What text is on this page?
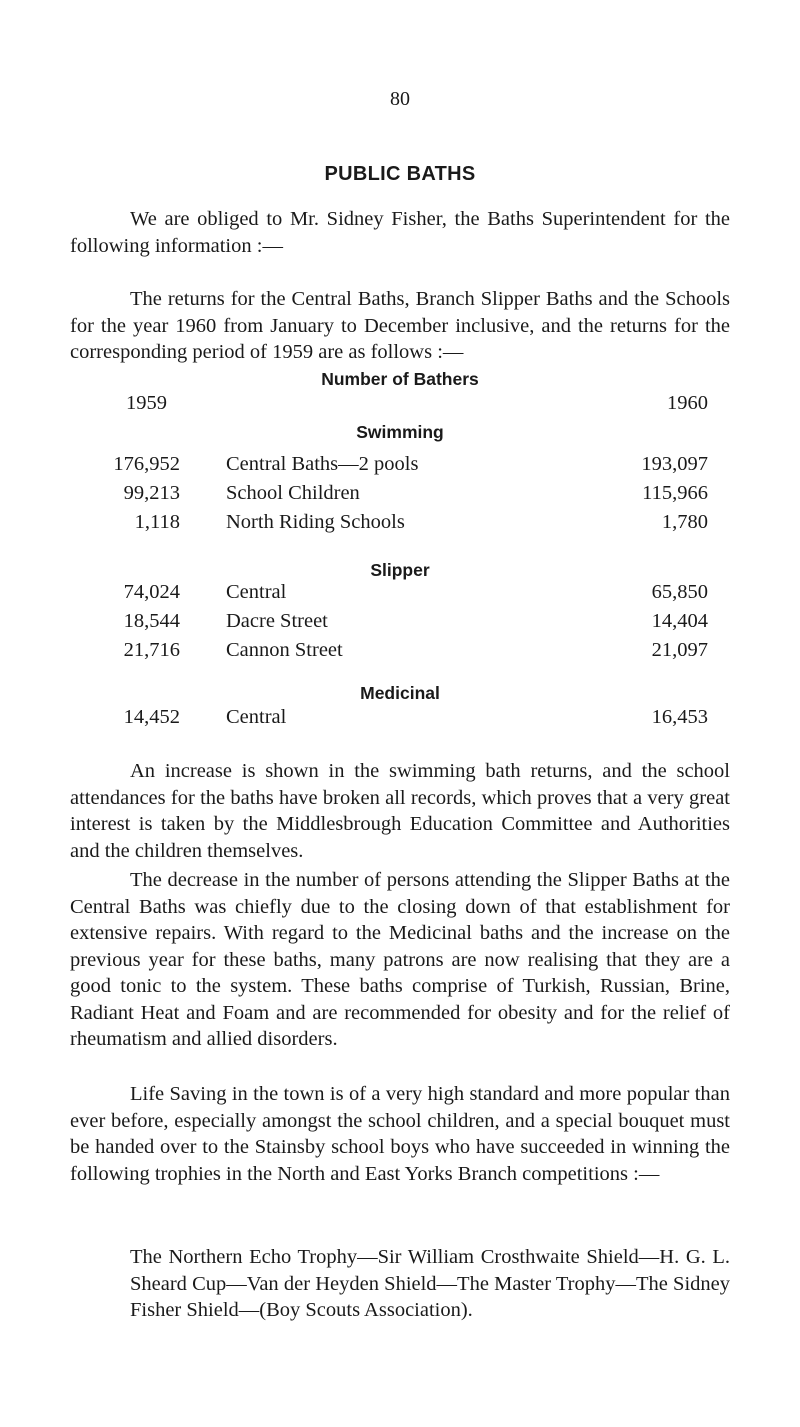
80
PUBLIC BATHS

We are obliged to Mr. Sidney Fisher, the Baths Superintendent for the following information :—

The returns for the Central Baths, Branch Slipper Baths and the Schools for the year 1960 from January to December inclusive, and the returns for the corresponding period of 1959 are as follows :—

Number of Bathers
1959	1960
Swimming
176,952 Central Baths—2 pools	193,097
99,213 School Children	115,966
1,118 North Riding Schools	1,780
Slipper
74,024 Central	65,850
18,544 Dacre Street	14,404
21,716 Cannon Street	21,097
Medicinal
14,452 Central	16,453

An increase is shown in the swimming bath returns, and the school attendances for the baths have broken all records, which proves that a very great interest is taken by the Middlesbrough Education Committee and Authorities and the children themselves.

The decrease in the number of persons attending the Slipper Baths at the Central Baths was chiefly due to the closing down of that establishment for extensive repairs. With regard to the Medicinal baths and the increase on the previous year for these baths, many patrons are now realising that they are a good tonic to the system. These baths comprise of Turkish, Russian, Brine, Radiant Heat and Foam and are recommended for obesity and for the relief of rheumatism and allied disorders.

Life Saving in the town is of a very high standard and more popular than ever before, especially amongst the school children, and a special bouquet must be handed over to the Stainsby school boys who have succeeded in winning the following trophies in the North and East Yorks Branch competitions :—

The Northern Echo Trophy—Sir William Crosthwaite Shield—H. G. L. Sheard Cup—Van der Heyden Shield—The Master Trophy—The Sidney Fisher Shield—(Boy Scouts Association).
